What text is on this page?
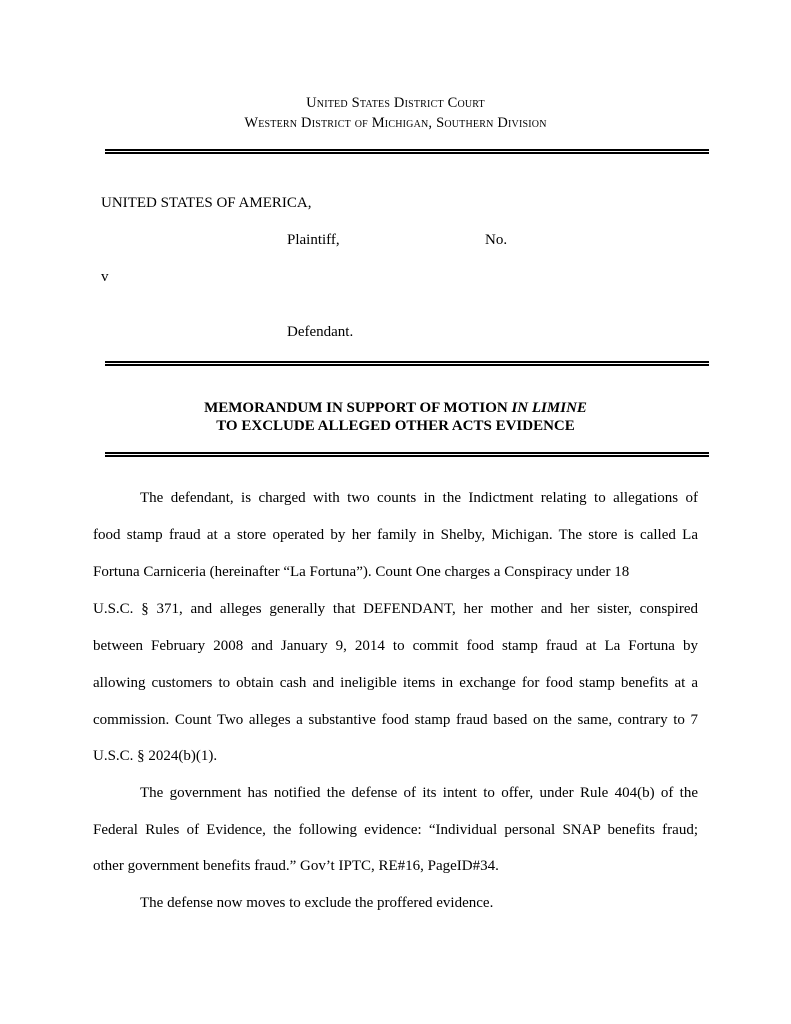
United States District Court
Western District of Michigan, Southern Division
UNITED STATES OF AMERICA,
Plaintiff,	No.
v
Defendant.
MEMORANDUM IN SUPPORT OF MOTION IN LIMINE
TO EXCLUDE ALLEGED OTHER ACTS EVIDENCE
The defendant, is charged with two counts in the Indictment relating to allegations of
food stamp fraud at a store operated by her family in Shelby, Michigan. The store is called La
Fortuna Carniceria (hereinafter “La Fortuna”). Count One charges a Conspiracy under 18
U.S.C. § 371, and alleges generally that DEFENDANT, her mother and her sister, conspired
between February 2008 and January 9, 2014 to commit food stamp fraud at La Fortuna by
allowing customers to obtain cash and ineligible items in exchange for food stamp benefits at a
commission. Count Two alleges a substantive food stamp fraud based on the same, contrary to 7
U.S.C. § 2024(b)(1).
The government has notified the defense of its intent to offer, under Rule 404(b) of the
Federal Rules of Evidence, the following evidence: “Individual personal SNAP benefits fraud;
other government benefits fraud.” Gov’t IPTC, RE#16, PageID#34.
The defense now moves to exclude the proffered evidence.
